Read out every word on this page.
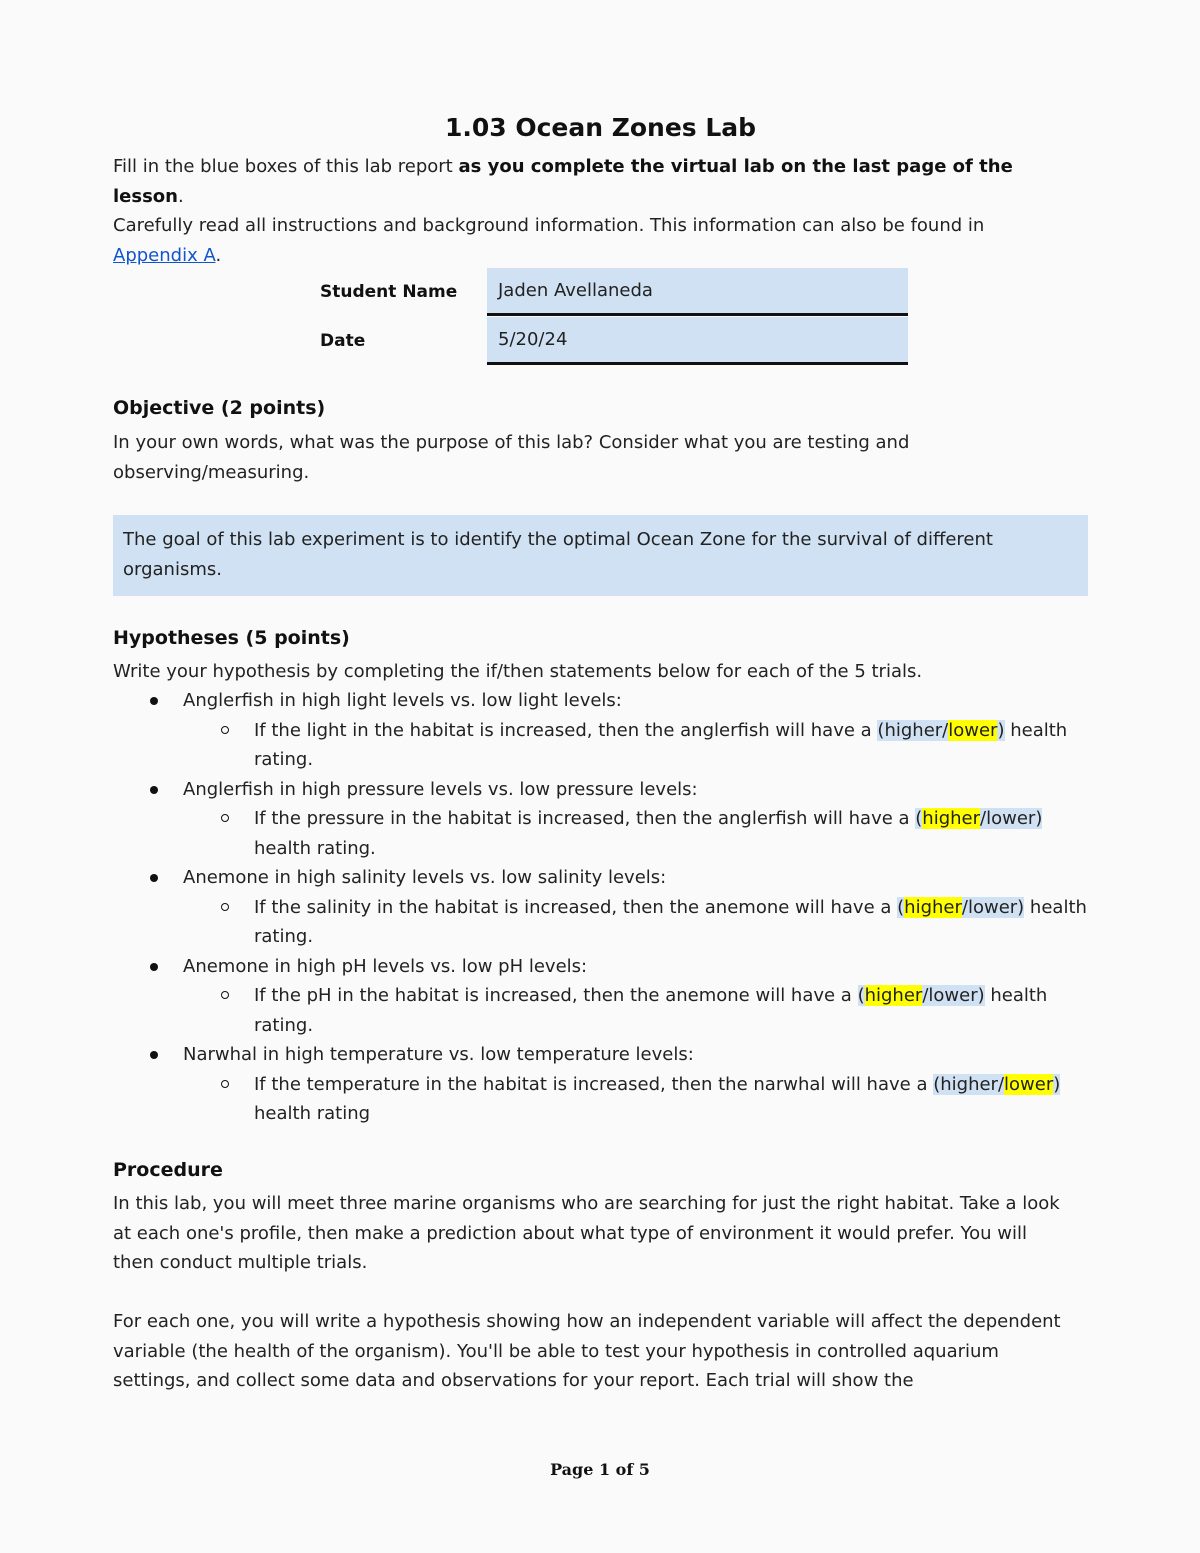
1.03 Ocean Zones Lab
Fill in the blue boxes of this lab report as you complete the virtual lab on the last page of the lesson.
Carefully read all instructions and background information. This information can also be found in
Appendix A.
Student Name	Jaden Avellaneda
Date	5/20/24
Objective (2 points)
In your own words, what was the purpose of this lab? Consider what you are testing and observing/measuring.
The goal of this lab experiment is to identify the optimal Ocean Zone for the survival of different organisms.
Hypotheses (5 points)
Write your hypothesis by completing the if/then statements below for each of the 5 trials.
Anglerfish in high light levels vs. low light levels:
If the light in the habitat is increased, then the anglerfish will have a (higher/lower) health rating.
Anglerfish in high pressure levels vs. low pressure levels:
If the pressure in the habitat is increased, then the anglerfish will have a (higher/lower) health rating.
Anemone in high salinity levels vs. low salinity levels:
If the salinity in the habitat is increased, then the anemone will have a (higher/lower) health rating.
Anemone in high pH levels vs. low pH levels:
If the pH in the habitat is increased, then the anemone will have a (higher/lower) health rating.
Narwhal in high temperature vs. low temperature levels:
If the temperature in the habitat is increased, then the narwhal will have a (higher/lower) health rating
Procedure
In this lab, you will meet three marine organisms who are searching for just the right habitat. Take a look at each one's profile, then make a prediction about what type of environment it would prefer. You will then conduct multiple trials.
For each one, you will write a hypothesis showing how an independent variable will affect the dependent variable (the health of the organism). You'll be able to test your hypothesis in controlled aquarium settings, and collect some data and observations for your report. Each trial will show the
Page 1 of 5
